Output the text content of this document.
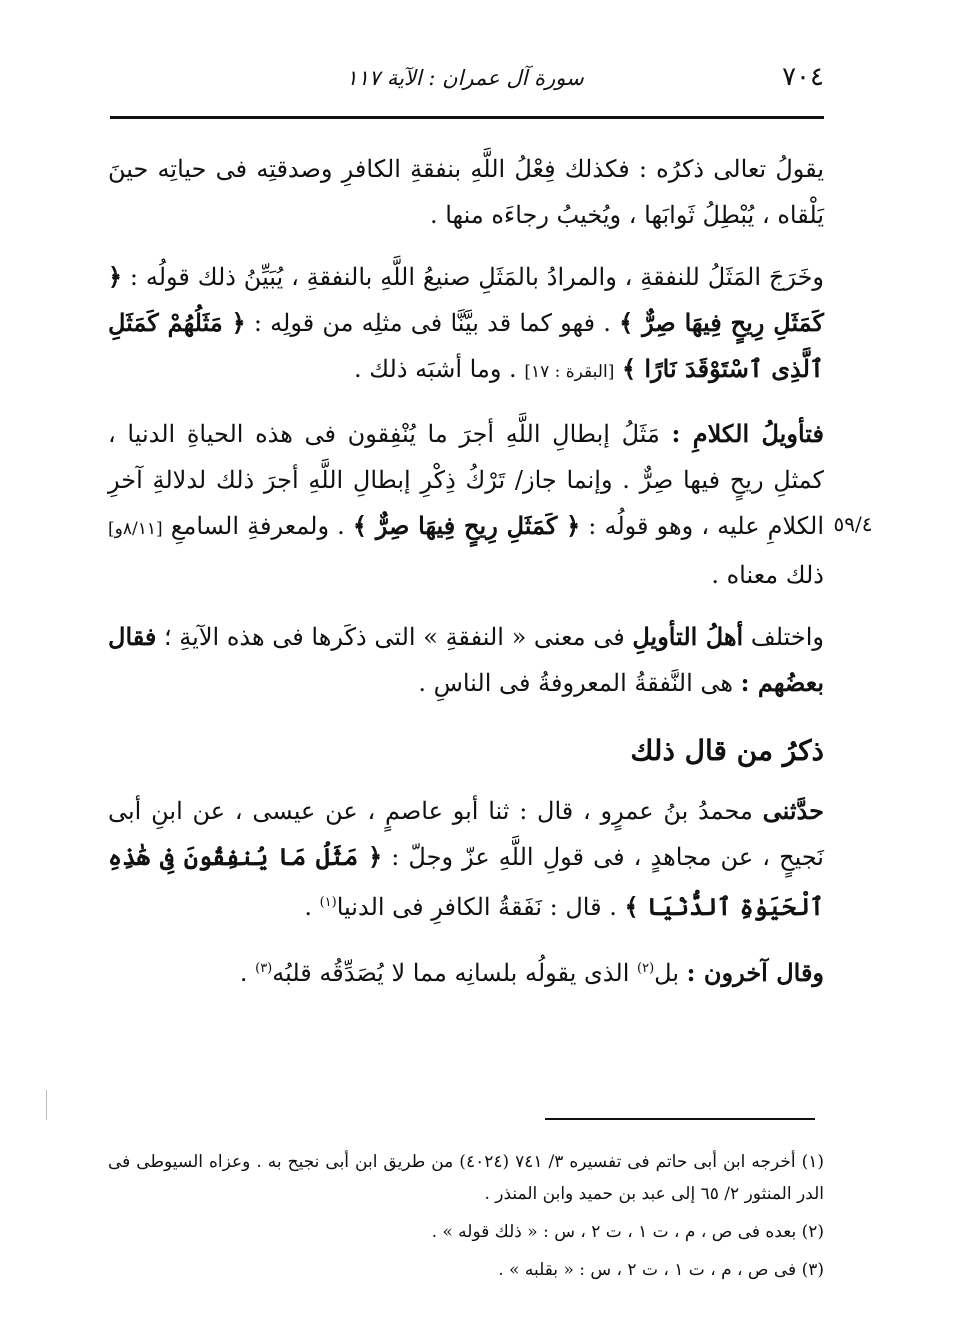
٧٠٤
سورة آل عمران : الآية ١١٧
٥٩/٤

يقولُ تعالى ذكرُه : فكذلك فِعْلُ اللَّهِ بنفقةِ الكافرِ وصدقتِه فى حياتِه حينَ يَلْقاه ، يُبْطِلُ ثَوابَها ، ويُخيبُ رجاءَه منها .

وخَرَجَ المَثَلُ للنفقةِ ، والمرادُ بالمَثَلِ صنيعُ اللَّهِ بالنفقةِ ، يُبَيِّنُ ذلك قولُه : ﴿ كَمَثَلِ رِيحٍ فِيهَا صِرٌّ ﴾ . فهو كما قد بيَّنَّا فى مثلِه من قولِه : ﴿ مَثَلُهُمْ كَمَثَلِ ٱلَّذِى ٱسْتَوْقَدَ نَارًا ﴾ [البقرة : ١٧] . وما أشبَه ذلك .

فتأويلُ الكلامِ : مَثَلُ إبطالِ اللَّهِ أجرَ ما يُنْفِقون فى هذه الحياةِ الدنيا ، كمثلِ ريحٍ فيها صِرٌّ . وإنما جاز/ تَرْكُ ذِكْرِ إبطالِ اللَّهِ أجرَ ذلك لدلالةِ آخرِ الكلامِ عليه ، وهو قولُه : ﴿ كَمَثَلِ رِيحٍ فِيهَا صِرٌّ ﴾ . ولمعرفةِ السامعِ [٨/١١و] ذلك معناه .

واختلف أهلُ التأويلِ فى معنى « النفقةِ » التى ذكَرها فى هذه الآيةِ ؛ فقال بعضُهم : هى النَّفقةُ المعروفةُ فى الناسِ .

ذكرُ من قال ذلك

حدَّثنى محمدُ بنُ عمرٍو ، قال : ثنا أبو عاصمٍ ، عن عيسى ، عن ابنِ أبى نَجيحٍ ، عن مجاهدٍ ، فى قولِ اللَّهِ عزّ وجلّ : ﴿ مَثَلُ مَا يُنفِقُونَ فِى هَٰذِهِ ٱلْحَيَوٰةِ ٱلدُّنْيَا ﴾ . قال : نَفَقةُ الكافرِ فى الدنيا$^{(١)}$ .

وقال آخرون : بل$^{(٢)}$ الذى يقولُه بلسانِه مما لا يُصَدِّقُه قلبُه$^{(٣)}$ .

(١) أخرجه ابن أبى حاتم فى تفسيره ٣/ ٧٤١ (٤٠٢٤) من طريق ابن أبى نجيح به . وعزاه السيوطى فى الدر المنثور ٢/ ٦٥ إلى عبد بن حميد وابن المنذر .

(٢) بعده فى ص ، م ، ت ١ ، ت ٢ ، س : « ذلك قوله » .

(٣) فى ص ، م ، ت ١ ، ت ٢ ، س : « بقلبه » .
